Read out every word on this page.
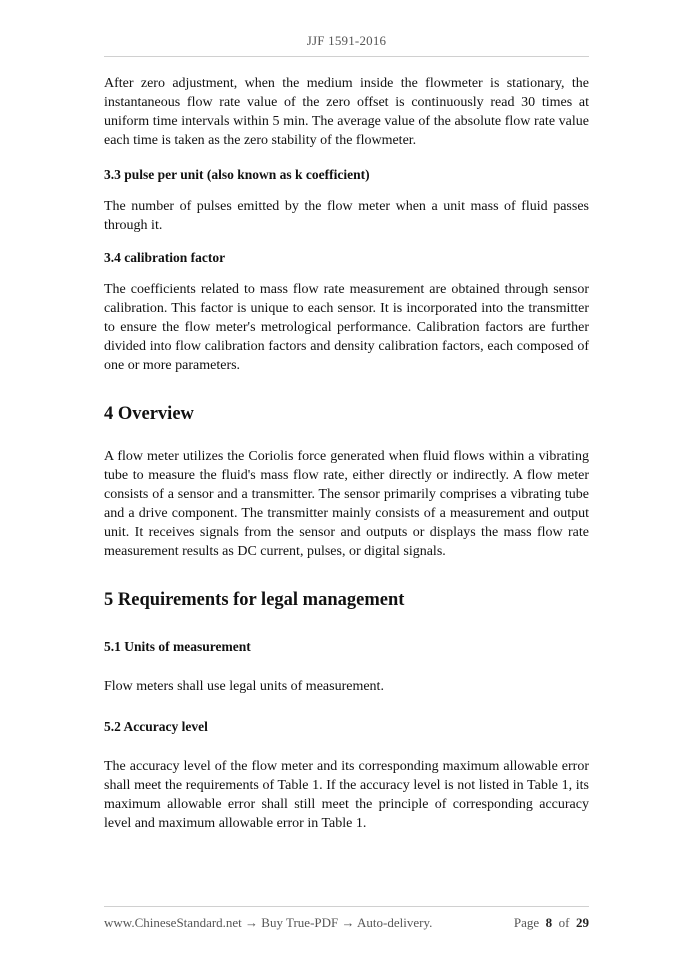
JJF 1591-2016

After zero adjustment, when the medium inside the flowmeter is stationary, the instantaneous flow rate value of the zero offset is continuously read 30 times at uniform time intervals within 5 min. The average value of the absolute flow rate value each time is taken as the zero stability of the flowmeter.

3.3 pulse per unit (also known as k coefficient)

The number of pulses emitted by the flow meter when a unit mass of fluid passes through it.

3.4 calibration factor

The coefficients related to mass flow rate measurement are obtained through sensor calibration. This factor is unique to each sensor. It is incorporated into the transmitter to ensure the flow meter's metrological performance. Calibration factors are further divided into flow calibration factors and density calibration factors, each composed of one or more parameters.

4 Overview

A flow meter utilizes the Coriolis force generated when fluid flows within a vibrating tube to measure the fluid's mass flow rate, either directly or indirectly. A flow meter consists of a sensor and a transmitter. The sensor primarily comprises a vibrating tube and a drive component. The transmitter mainly consists of a measurement and output unit. It receives signals from the sensor and outputs or displays the mass flow rate measurement results as DC current, pulses, or digital signals.

5 Requirements for legal management

5.1 Units of measurement

Flow meters shall use legal units of measurement.

5.2 Accuracy level

The accuracy level of the flow meter and its corresponding maximum allowable error shall meet the requirements of Table 1. If the accuracy level is not listed in Table 1, its maximum allowable error shall still meet the principle of corresponding accuracy level and maximum allowable error in Table 1.

www.ChineseStandard.net → Buy True-PDF → Auto-delivery.	Page 8 of 29
